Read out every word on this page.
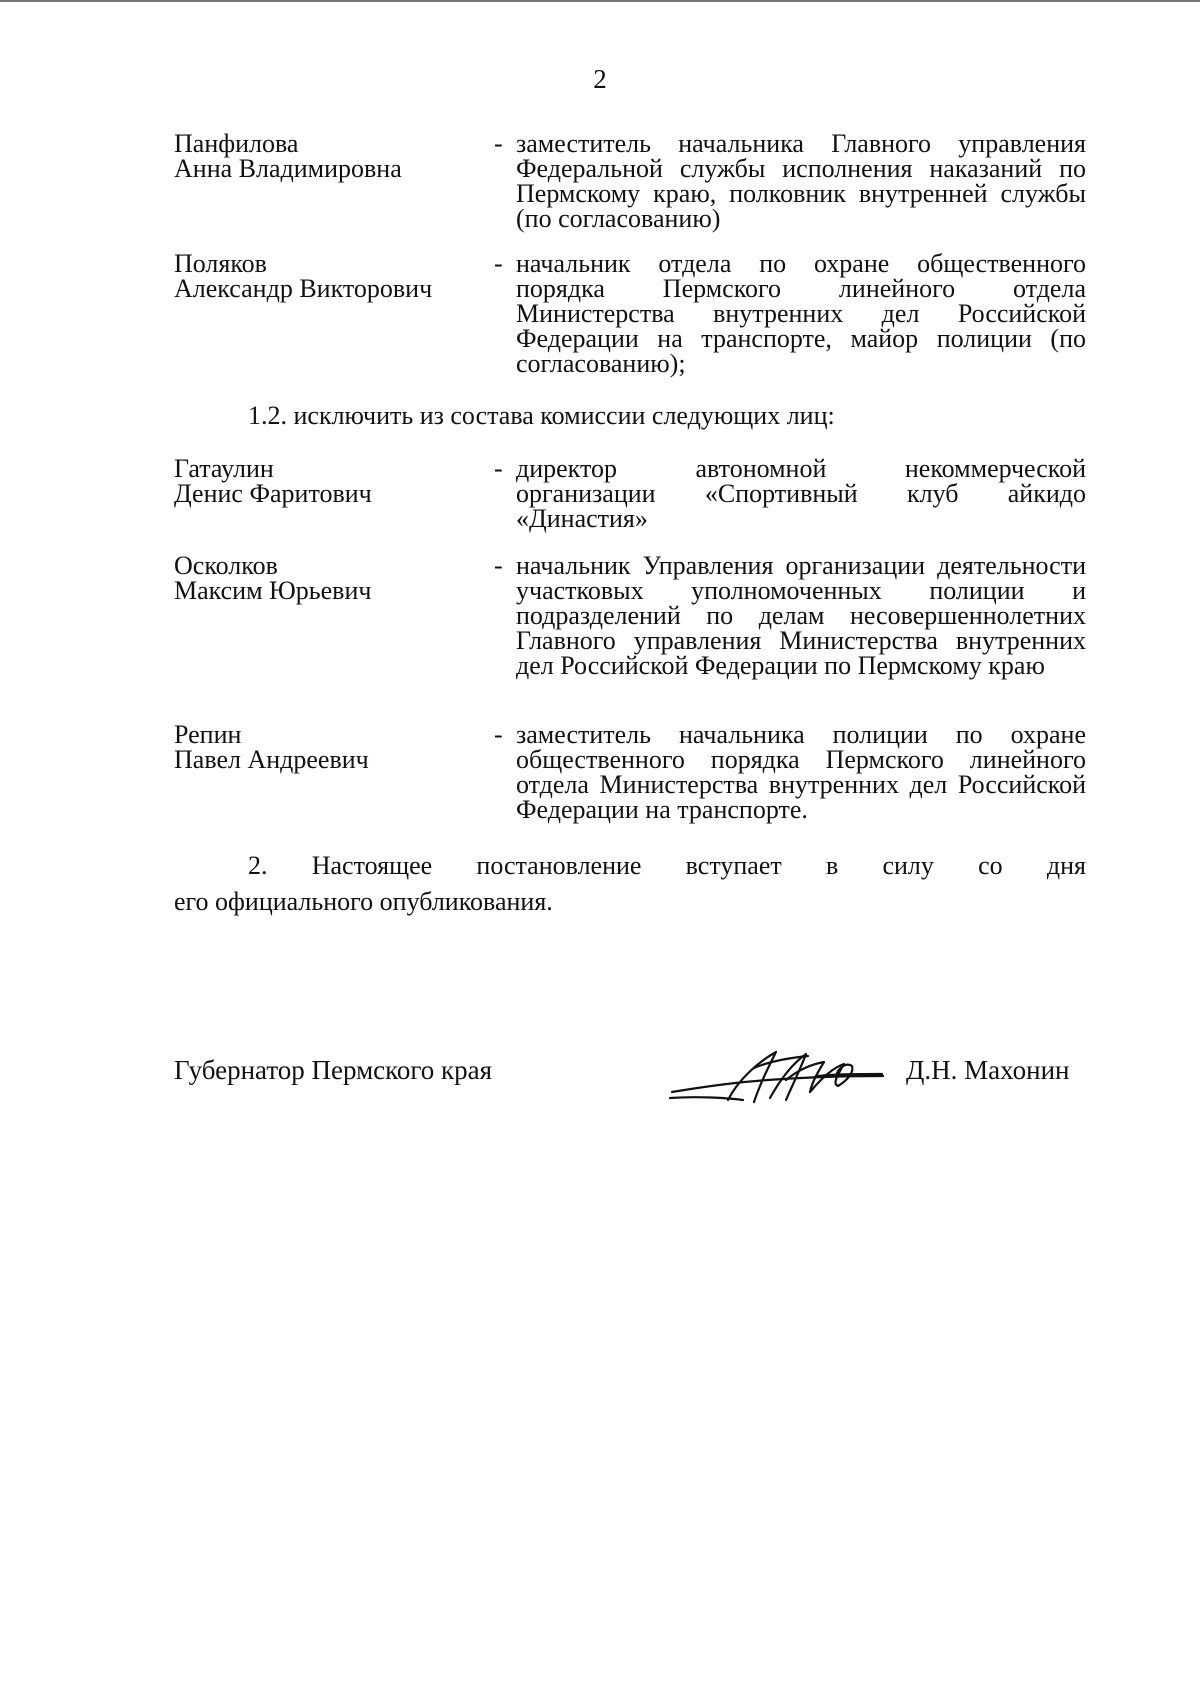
2
Панфилова
Анна Владимировна
- заместитель начальника Главного управления Федеральной службы исполнения наказаний по Пермскому краю, полковник внутренней службы (по согласованию)
Поляков
Александр Викторович
- начальник отдела по охране общественного порядка Пермского линейного отдела Министерства внутренних дел Российской Федерации на транспорте, майор полиции (по согласованию);
1.2. исключить из состава комиссии следующих лиц:
Гатаулин
Денис Фаритович
- директор автономной некоммерческой организации «Спортивный клуб айкидо «Династия»
Осколков
Максим Юрьевич
- начальник Управления организации деятельности участковых уполномоченных полиции и подразделений по делам несовершеннолетних Главного управления Министерства внутренних дел Российской Федерации по Пермскому краю
Репин
Павел Андреевич
- заместитель начальника полиции по охране общественного порядка Пермского линейного отдела Министерства внутренних дел Российской Федерации на транспорте.
2. Настоящее постановление вступает в силу со дня
его официального опубликования.
Губернатор Пермского края	Д.Н. Махонин
